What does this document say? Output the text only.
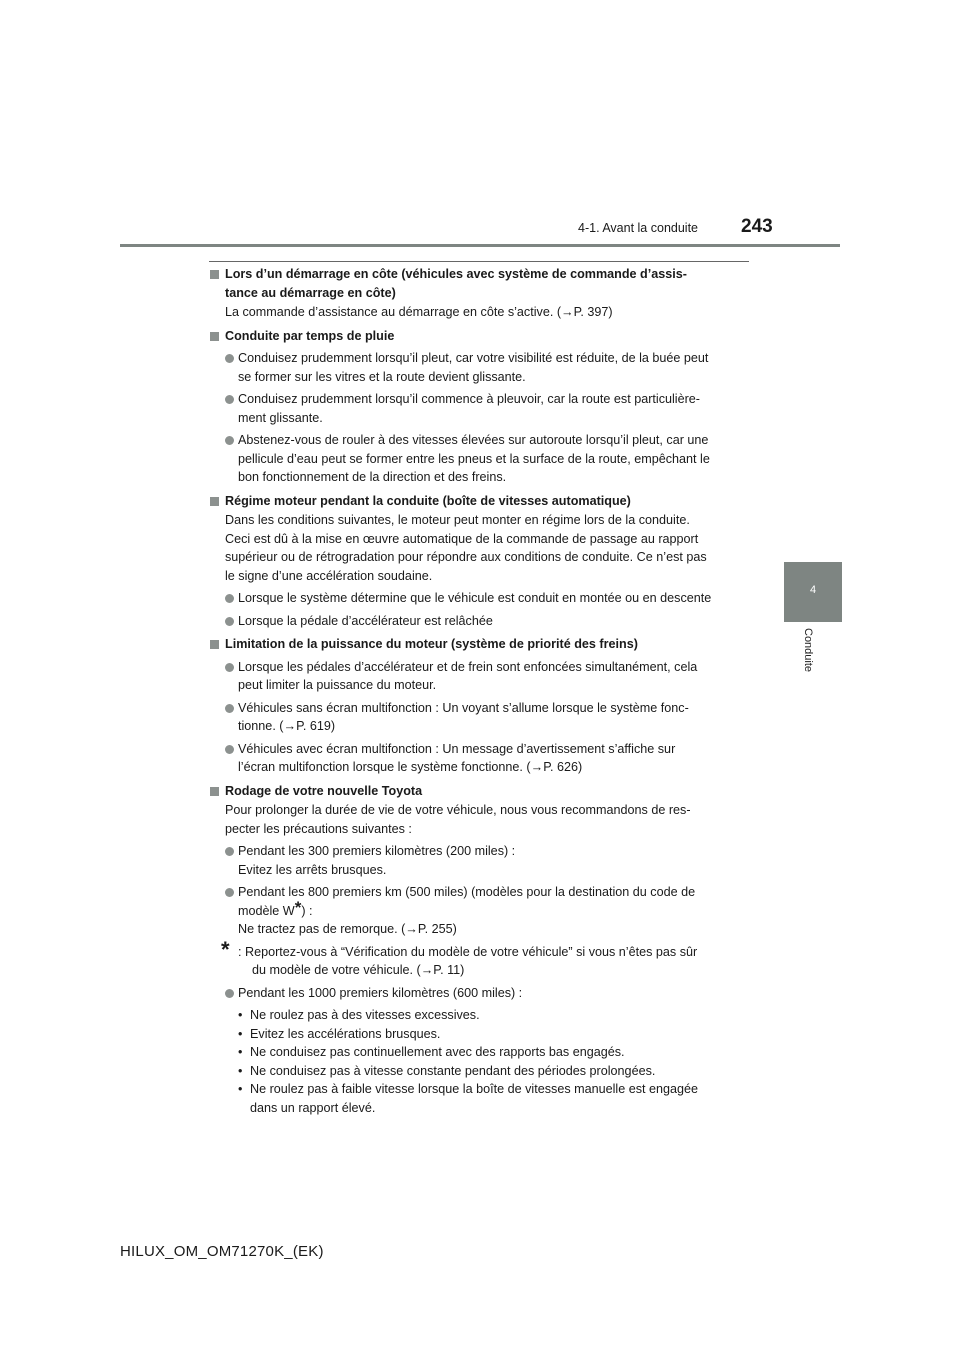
243
4-1. Avant la conduite
4
Conduite
Lors d’un démarrage en côte (véhicules avec système de commande d’assis-
tance au démarrage en côte)
La commande d’assistance au démarrage en côte s’active. (→P. 397)
Conduite par temps de pluie
Conduisez prudemment lorsqu’il pleut, car votre visibilité est réduite, de la buée peut
se former sur les vitres et la route devient glissante.
Conduisez prudemment lorsqu’il commence à pleuvoir, car la route est particulière-
ment glissante.
Abstenez-vous de rouler à des vitesses élevées sur autoroute lorsqu’il pleut, car une
pellicule d’eau peut se former entre les pneus et la surface de la route, empêchant le
bon fonctionnement de la direction et des freins.
Régime moteur pendant la conduite (boîte de vitesses automatique)
Dans les conditions suivantes, le moteur peut monter en régime lors de la conduite.
Ceci est dû à la mise en œuvre automatique de la commande de passage au rapport
supérieur ou de rétrogradation pour répondre aux conditions de conduite. Ce n’est pas
le signe d’une accélération soudaine.
Lorsque le système détermine que le véhicule est conduit en montée ou en descente
Lorsque la pédale d’accélérateur est relâchée
Limitation de la puissance du moteur (système de priorité des freins)
Lorsque les pédales d’accélérateur et de frein sont enfoncées simultanément, cela
peut limiter la puissance du moteur.
Véhicules sans écran multifonction : Un voyant s’allume lorsque le système fonc-
tionne. (→P. 619)
Véhicules avec écran multifonction : Un message d’avertissement s’affiche sur
l’écran multifonction lorsque le système fonctionne. (→P. 626)
Rodage de votre nouvelle Toyota
Pour prolonger la durée de vie de votre véhicule, nous vous recommandons de res-
pecter les précautions suivantes :
Pendant les 300 premiers kilomètres (200 miles) :
Evitez les arrêts brusques.
Pendant les 800 premiers km (500 miles) (modèles pour la destination du code de
modèle W*) :
Ne tractez pas de remorque. (→P. 255)
* : Reportez-vous à “Vérification du modèle de votre véhicule” si vous n’êtes pas sûr
du modèle de votre véhicule. (→P. 11)
Pendant les 1000 premiers kilomètres (600 miles) :
• Ne roulez pas à des vitesses excessives.
• Evitez les accélérations brusques.
• Ne conduisez pas continuellement avec des rapports bas engagés.
• Ne conduisez pas à vitesse constante pendant des périodes prolongées.
• Ne roulez pas à faible vitesse lorsque la boîte de vitesses manuelle est engagée
dans un rapport élevé.
HILUX_OM_OM71270K_(EK)
